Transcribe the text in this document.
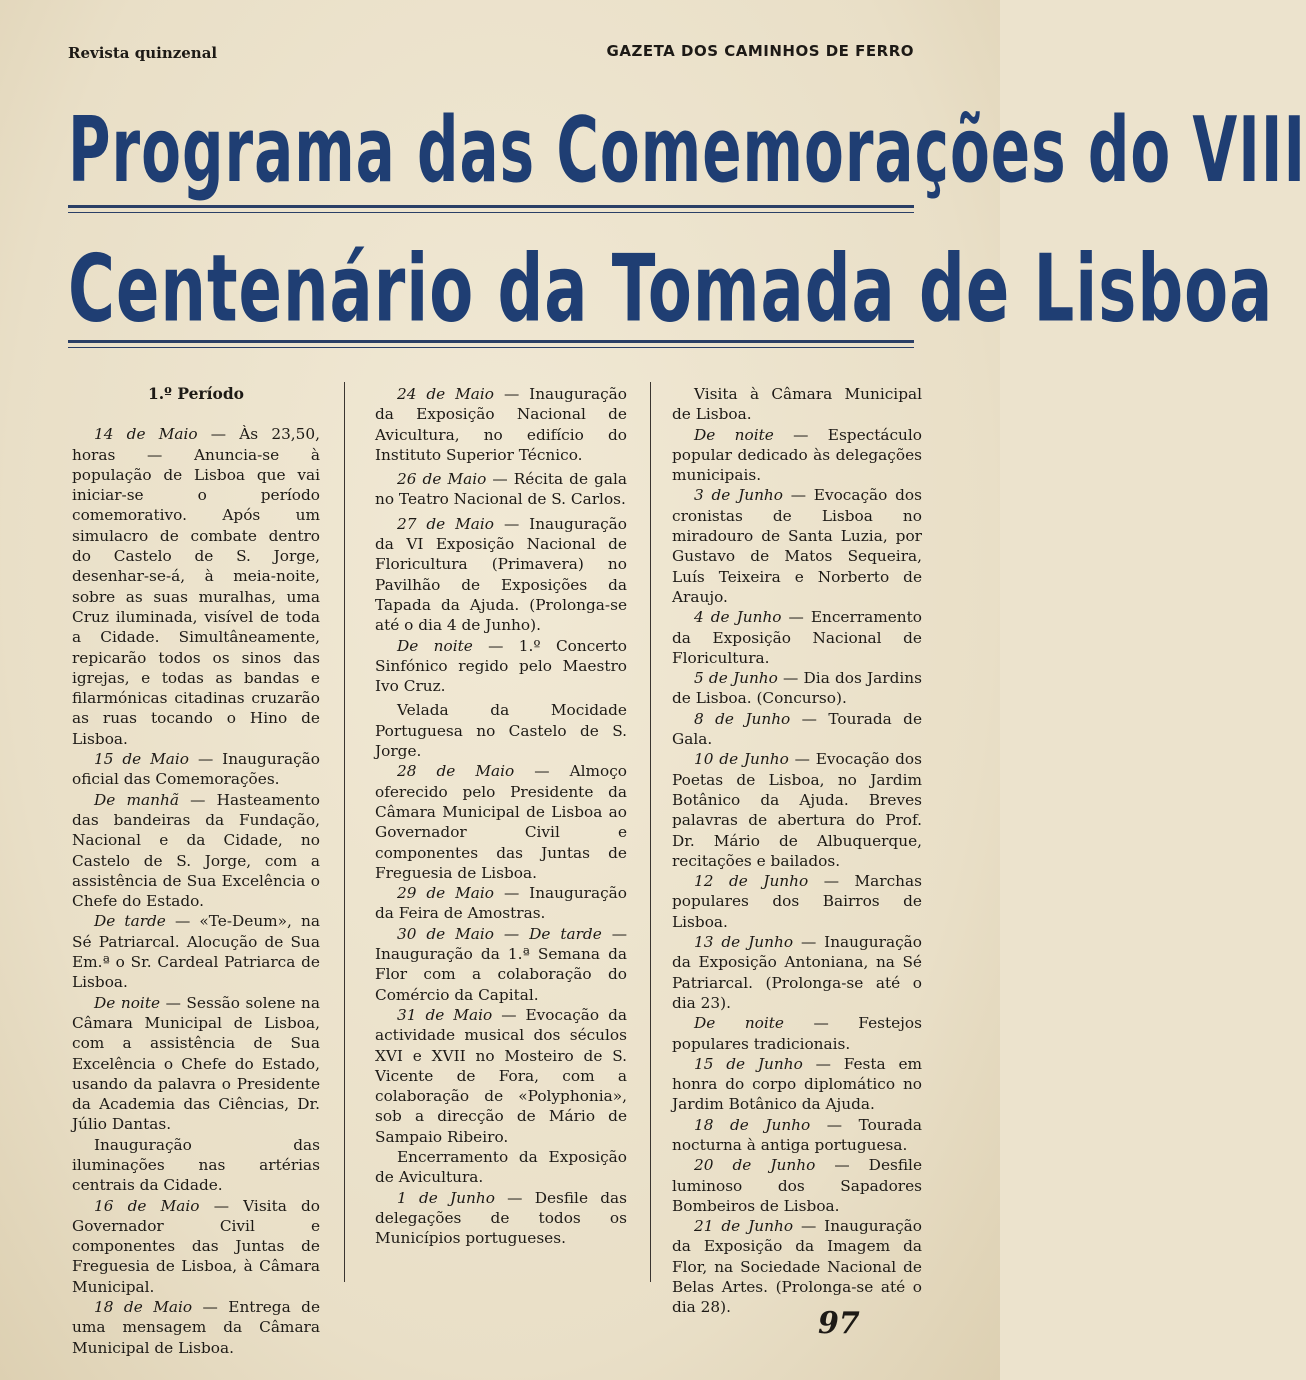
Revista quinzenal	GAZETA DOS CAMINHOS DE FERRO
Programa das Comemorações do VIII
Centenário da Tomada de Lisboa

1.º Período

14 de Maio — Às 23,50, horas — Anuncia-se à população de Lisboa que vai iniciar-se o período comemorativo. Após um simulacro de combate dentro do Castelo de S. Jorge, desenhar-se-á, à meia-noite, sobre as suas muralhas, uma Cruz iluminada, visível de toda a Cidade. Simultâneamente, repicarão todos os sinos das igrejas, e todas as bandas e filarmónicas citadinas cruzarão as ruas tocando o Hino de Lisboa.

15 de Maio — Inauguração oficial das Comemorações.

De manhã — Hasteamento das bandeiras da Fundação, Nacional e da Cidade, no Castelo de S. Jorge, com a assistência de Sua Excelência o Chefe do Estado.

De tarde — «Te-Deum», na Sé Patriarcal. Alocução de Sua Em.ª o Sr. Cardeal Patriarca de Lisboa.

De noite — Sessão solene na Câmara Municipal de Lisboa, com a assistência de Sua Excelência o Chefe do Estado, usando da palavra o Presidente da Academia das Ciências, Dr. Júlio Dantas.

Inauguração das iluminações nas artérias centrais da Cidade.

16 de Maio — Visita do Governador Civil e componentes das Juntas de Freguesia de Lisboa, à Câmara Municipal.

18 de Maio — Entrega de uma mensagem da Câmara Municipal de Lisboa.

24 de Maio — Inauguração da Exposição Nacional de Avicultura, no edifício do Instituto Superior Técnico.

26 de Maio — Récita de gala no Teatro Nacional de S. Carlos.

27 de Maio — Inauguração da VI Exposição Nacional de Floricultura (Primavera) no Pavilhão de Exposições da Tapada da Ajuda. (Prolonga-se até o dia 4 de Junho).

De noite — 1.º Concerto Sinfónico regido pelo Maestro Ivo Cruz.

Velada da Mocidade Portuguesa no Castelo de S. Jorge.

28 de Maio — Almoço oferecido pelo Presidente da Câmara Municipal de Lisboa ao Governador Civil e componentes das Juntas de Freguesia de Lisboa.

29 de Maio — Inauguração da Feira de Amostras.

30 de Maio — De tarde — Inauguração da 1.ª Semana da Flor com a colaboração do Comércio da Capital.

31 de Maio — Evocação da actividade musical dos séculos XVI e XVII no Mosteiro de S. Vicente de Fora, com a colaboração de «Polyphonia», sob a direcção de Mário de Sampaio Ribeiro.

Encerramento da Exposição de Avicultura.

1 de Junho — Desfile das delegações de todos os Municípios portugueses.

Visita à Câmara Municipal de Lisboa.

De noite — Espectáculo popular dedicado às delegações municipais.

3 de Junho — Evocação dos cronistas de Lisboa no miradouro de Santa Luzia, por Gustavo de Matos Sequeira, Luís Teixeira e Norberto de Araujo.

4 de Junho — Encerramento da Exposição Nacional de Floricultura.

5 de Junho — Dia dos Jardins de Lisboa. (Concurso).

8 de Junho — Tourada de Gala.

10 de Junho — Evocação dos Poetas de Lisboa, no Jardim Botânico da Ajuda. Breves palavras de abertura do Prof. Dr. Mário de Albuquerque, recitações e bailados.

12 de Junho — Marchas populares dos Bairros de Lisboa.

13 de Junho — Inauguração da Exposição Antoniana, na Sé Patriarcal. (Prolonga-se até o dia 23).

De noite — Festejos populares tradicionais.

15 de Junho — Festa em honra do corpo diplomático no Jardim Botânico da Ajuda.

18 de Junho — Tourada nocturna à antiga portuguesa.

20 de Junho — Desfile luminoso dos Sapadores Bombeiros de Lisboa.

21 de Junho — Inauguração da Exposição da Imagem da Flor, na Sociedade Nacional de Belas Artes. (Prolonga-se até o dia 28).	97
